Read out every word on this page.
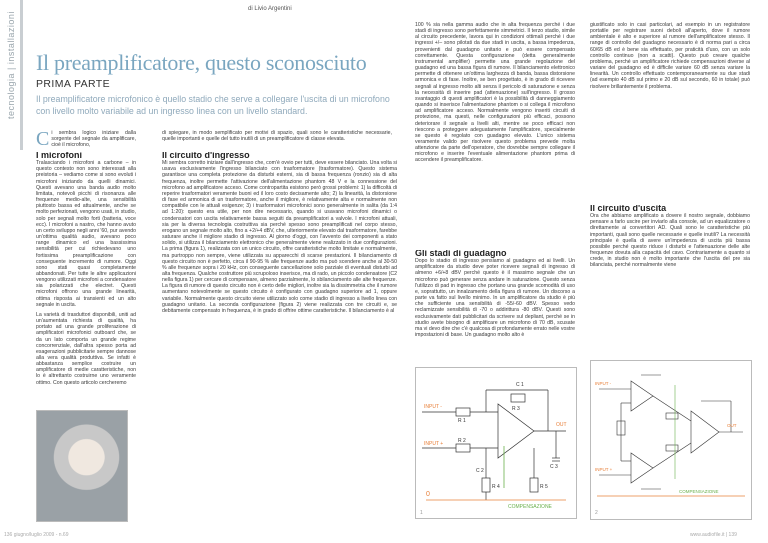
tecnologia | installazioni
di Livio Argentini
Il preamplificatore, questo sconosciuto
PRIMA PARTE
Il preamplificatore microfonico è quello stadio che serve a collegare l'uscita di un microfono con livello molto variabile ad un ingresso linea con un livello standard.
C i sembra logico iniziare dalla sorgente del segnale da amplificare, cioè il microfono,
di spiegare, in modo semplificato per motivi di spazio, quali sono le caratteristiche necessarie, quelle importanti e quelle del tutto inutili di un preamplificatore di classe elevata.
I microfoni

Tralasciando i microfoni a carbone – in questo contesto non sono interessati alla preistoria – vediamo come si sono evoluti i microfoni iniziando da quelli dinamici. Questi avevano una banda audio molto limitata, notevoli picchi di risonanza alle frequenze medio-alte, una sensibilità piuttosto bassa ed attualmente, anche se molto perfezionati, vengono usati, in studio, solo per segnali molto forti (batteria, voce ecc). I microfoni a nastro, che hanno avuto un certo sviluppo negli anni '60, pur avendo un'ottima qualità audio, avevano poco range dinamico ed una bassissima sensibilità per cui richiedevano uno fortissima preamplificazione con conseguente incremento di rumore. Oggi sono stati quasi completamente abbandonati. Per tutte le altre applicazioni vengono utilizzati microfoni a condensatore sia polarizzati che electret. Questi microfoni offrono una grande linearità, ottima risposta ai transienti ed un alto segnale in uscita.

La varietà di trasduttori disponibili, uniti ad un'aumentata richiesta di qualità, ha portato ad una grande proliferazione di amplificatori microfonici outboard che, se da un lato comporta un grande regime concorrenziale, dall'altra spesso porta ad esagerazioni pubblicitarie sempre dannose alla vera qualità produttiva. Se infatti è abbastanza semplice costruire un amplificatore di medie caratteristiche, non lo è altrettanto costruirne uno veramente ottimo. Con questo articolo cercheremo

Il circuito d'ingresso

Mi sembra corretto iniziare dall'ingresso che, com'è ovvio per tutti, deve essere bilanciato. Una volta si usava esclusivamente l'ingresso bilanciato con trasformatore (trasformatore). Questo sistema garantisce una completa protezione da disturbi esterni, sia di bassa frequenza (ronzio) sia di alta frequenza, inoltre permette l'attivazione dell'alimentazione phantom 48 V e la connessione del microfono ad amplificatore acceso. Come contropartita esistono però grossi problemi: 1) la difficoltà di reperire trasformatori veramente buoni ed il loro costo decisamente alto; 2) la linearità, la distorsione di fase ed armonica di un trasformatore, anche il migliore, è relativamente alta e normalmente non compatibile con le attuali esigenze; 3) i trasformatori microfonici sono generalmente in salita (da 1:4 ad 1:20): questo era utile, per non dire necessario, quando si usavano microfoni dinamici o condensatori con uscita relativamente bassa seguiti da preamplificatori a valvole. I microfoni attuali, sia per la diversa tecnologia costruttiva sia perché spesso sono preamplificati nel corpo stesso, erogano un segnale molto alto, fino a +2/+4 dBV, che, ulteriormente elevato dal trasformatore, farebbe saturare anche il migliore stadio di ingresso. Al giorno d'oggi, con l'avvento dei componenti a stato solido, si utilizza il bilanciamento elettronico che generalmente viene realizzato in due configurazioni. La prima (figura 1), realizzata con un unico circuito, offre caratteristiche molto limitate e normalmente, ma purtroppo non sempre, viene utilizzata su apparecchi di scarse prestazioni. Il bilanciamento di questo circuito non è perfetto, circa il 90-95 % alle frequenze audio ma può scendere anche al 30-50 % alle frequenze sopra i 20 kHz, con conseguente cancellazione solo parziale di eventuali disturbi ad alta frequenza. Qualche costruttore più scrupoloso inserisce, ma di rado, un piccolo condensatore (C2 nella figura 1) per cercare di compensare, almeno parzialmente, lo sbilanciamento alle alte frequenze. La figura di rumore di questo circuito non è certo delle migliori, inoltre sia la dissimmetria che il rumore aumentano notevolmente se questo circuito è configurato con guadagno superiore ad 1, oppure variabile. Normalmente questo circuito viene utilizzato solo come stadio di ingresso a livello linea con guadagno unitario. La seconda configurazione (figura 2) viene realizzata con tre circuiti e, se debitamente compensato in frequenza, è in grado di offrire ottime caratteristiche. Il bilanciamento è al

100 % sia nella gamma audio che in alta frequenza perché i due stadi di ingresso sono perfettamente simmetrici. Il terzo stadio, simile al circuito precedente, lavora qui in condizioni ottimali perché i due ingressi +/– sono pilotati da due stadi in uscita, a bassa impedenza, provenienti dal guadagno unitario e può essere compensato correttamente. Questa configurazione (detta generalmente instrumental amplifier) permette una grande regolazione del guadagno ed una bassa figura di rumore. Il bilanciamento elettronico permette di ottenere un'ottima larghezza di banda, bassa distorsione armonica e di fase. Inoltre, se ben progettato, è in grado di ricevere segnali al ingresso molto alti senza il pericolo di saturazione e senza la necessità di inserire pad (attenuazione) sull'ingresso. Il grosso svantaggio di questi amplificatori è la possibilità di danneggiamento quando si inserisce l'alimentazione phantom o si collega il microfono ad amplificatore acceso. Normalmente vengono inseriti circuiti di protezione, ma questi, nelle configurazioni più efficaci, possono deteriorare il segnale a livelli alti, mentre se poco efficaci non riescono a proteggere adeguatamente l'amplificatore, specialmente se questo è regolato con guadagno elevato. L'unico sistema veramente valido per risolvere questo problema prevede molta attenzione da parte dell'operatore, che dovrebbe sempre collegare il microfono e inserire l'eventuale alimentazione phantom prima di accendere il preamplificatore.

Gli stadi di guadagno

Dopo lo stadio di ingresso pensiamo al guadagno ed ai livelli. Un amplificatore da studio deve poter ricevere segnali di ingresso di almeno +6/+8 dBV perché questo è il massimo segnale che un microfono può generare senza andare in saturazione. Questo senza l'utilizzo di pad in ingresso che portano una grande scomodità di uso e, soprattutto, un innalzamento della figura di rumore. Un discorso a parte va fatto sul livello minimo. In un amplificatore da studio è più che sufficiente una sensibilità di -55/-60 dBV. Spesso vedo reclamizzate sensibilità di -70 o addirittura -80 dBV. Questi sono esclusivamente dati pubblicitari da scrivere sul depliant, perché se in studio avete bisogno di amplificare un microfono di 70 dB, scusate ma vi devo dire che c'è qualcosa di profondamente errato nelle vostre impostazioni di base. Un guadagno molto alto è

giustificato solo in casi particolari, ad esempio in un registratore portatile per registrare suoni deboli all'aperto, dove il rumore ambientale è alto e superiore al rumore dell'amplificatore stesso. Il range di controllo del guadagno necessario è di norma pari a circa 60/65 dB ed è bene sia effettuato, per praticità d'uso, con un solo controllo continuo (non a scatti). Questo può creare qualche problema, perché un amplificatore richiede compensazioni diverse al variare del guadagno ed è difficile variare 60 dB senza variare la linearità. Un controllo effettuato contemporaneamente su due stadi (ad esempio 40 dB sul primo e 20 dB sul secondo, 60 in totale) può risolvere brillantemente il problema.

Il circuito d'uscita

Ora che abbiamo amplificato a dovere il nostro segnale, dobbiamo pensare a farlo uscire per inviarlo alla console, ad un equalizzatore o direttamente ai convertitori AD. Quali sono le caratteristiche più importanti, quali sono quelle necessarie e quelle inutili? La necessità principale è quella di avere un'impedenza di uscita più bassa possibile perché questo riduce i disturbi e l'attenuazione delle alte frequenze dovuta alla capacità del cavo. Contrariamente a quanto si crede, in studio non è molto importante che l'uscita del pre sia bilanciata, perché normalmente viene

INPUT -
INPUT +
OUT
C 1
C 2
C 3
R 1
R 2
R 3
R 4	R 5
0
COMPENSAZIONE
1
COMPENSAZIONE
INPUT -
INPUT +
OUT
2
136 giugno/luglio 2009 - n.69	www.audiofile.it | 139
